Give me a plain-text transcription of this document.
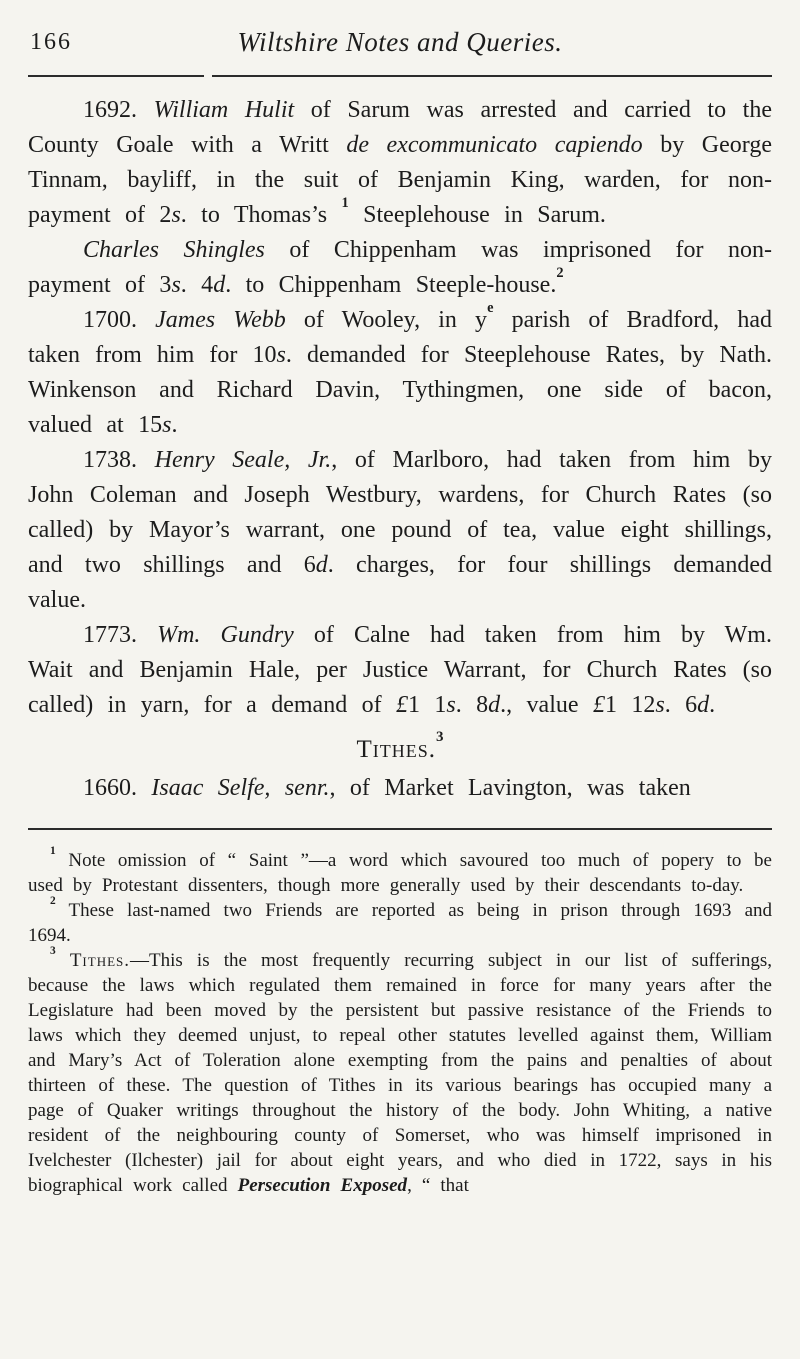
166	Wiltshire Notes and Queries.

1692. William Hulit of Sarum was arrested and carried to the County Goale with a Writt de excommunicato capiendo by George Tinnam, bayliff, in the suit of Benjamin King, warden, for non-payment of 2s. to Thomas’s $^1$ Steeplehouse in Sarum.

Charles Shingles of Chippenham was imprisoned for non-payment of 3s. 4d. to Chippenham Steeple-house.$^2$

1700. James Webb of Wooley, in $y^e$ parish of Bradford, had taken from him for 10s. demanded for Steeplehouse Rates, by Nath. Winkenson and Richard Davin, Tythingmen, one side of bacon, valued at 15s.

1738. Henry Seale, Jr., of Marlboro, had taken from him by John Coleman and Joseph Westbury, wardens, for Church Rates (so called) by Mayor’s warrant, one pound of tea, value eight shillings, and two shillings and 6d. charges, for four shillings demanded value.

1773. Wm. Gundry of Calne had taken from him by Wm. Wait and Benjamin Hale, per Justice Warrant, for Church Rates (so called) in yarn, for a demand of £1 1s. 8d., value £1 12s. 6d.

Tithes.$^3$

1660. Isaac Selfe, senr., of Market Lavington, was taken

$^1$ Note omission of “ Saint ”—a word which savoured too much of popery to be used by Protestant dissenters, though more generally used by their descendants to-day.

$^2$ These last-named two Friends are reported as being in prison through 1693 and 1694.

$^3$ Tithes.—This is the most frequently recurring subject in our list of sufferings, because the laws which regulated them remained in force for many years after the Legislature had been moved by the persistent but passive resistance of the Friends to laws which they deemed unjust, to repeal other statutes levelled against them, William and Mary’s Act of Toleration alone exempting from the pains and penalties of about thirteen of these. The question of Tithes in its various bearings has occupied many a page of Quaker writings throughout the history of the body. John Whiting, a native resident of the neighbouring county of Somerset, who was himself imprisoned in Ivelchester (Ilchester) jail for about eight years, and who died in 1722, says in his biographical work called Persecution Exposed, “ that
